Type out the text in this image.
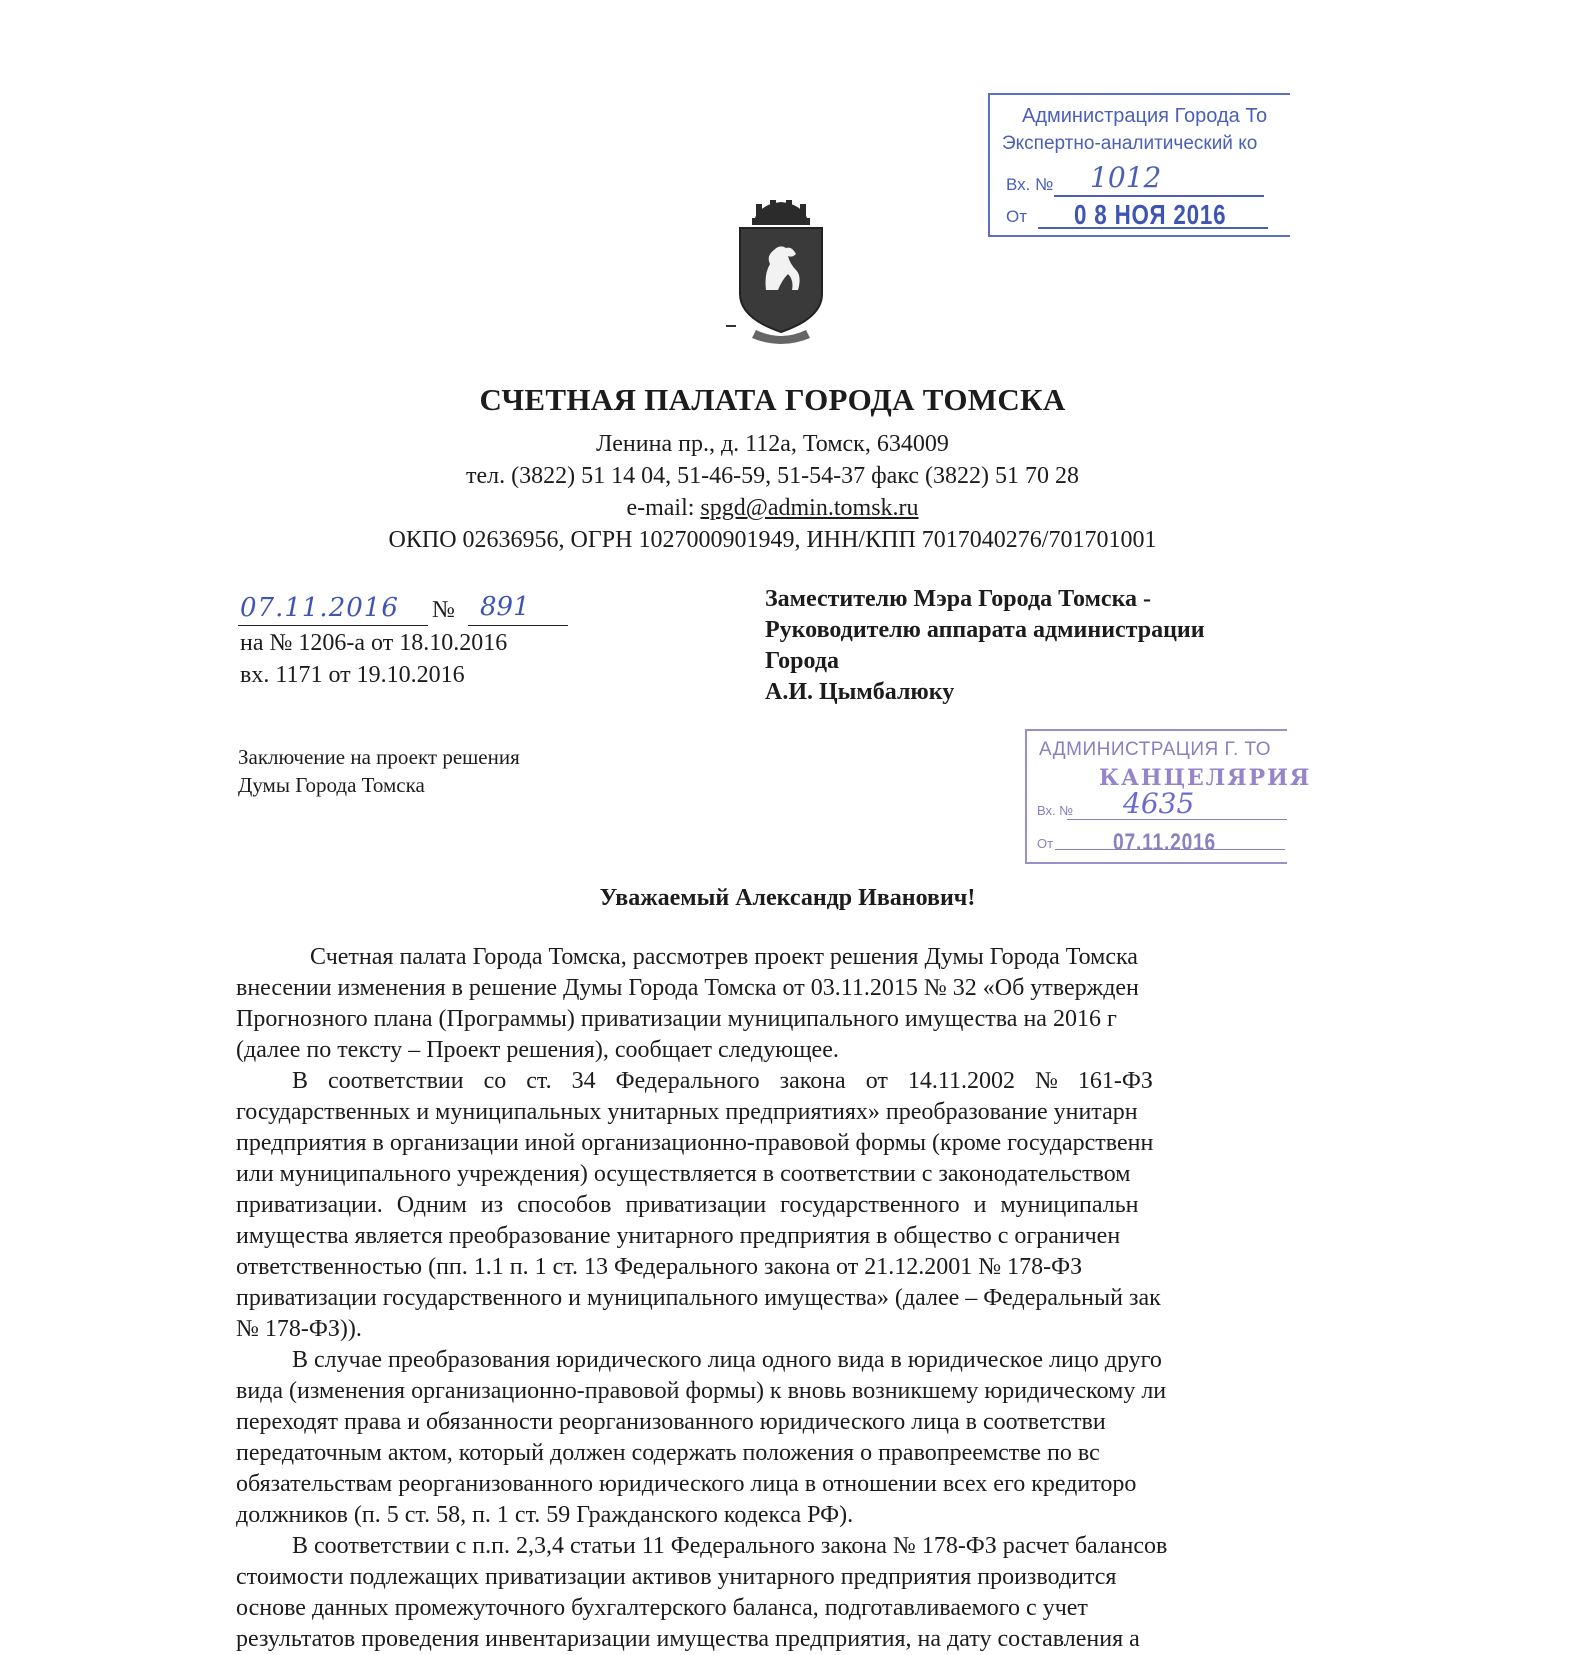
Администрация Города То
Экспертно-аналитический ко
Вх. № 1012
От 0 8 НОЯ 2016
СЧЕТНАЯ ПАЛАТА ГОРОДА ТОМСКА
Ленина пр., д. 112а, Томск, 634009
тел. (3822) 51 14 04, 51-46-59, 51-54-37 факс (3822) 51 70 28
e-mail: spgd@admin.tomsk.ru
ОКПО 02636956, ОГРН 1027000901949, ИНН/КПП 7017040276/701701001
07.11.2016 № 891
на № 1206-а от 18.10.2016
вх. 1171 от 19.10.2016
Заместителю Мэра Города Томска -
Руководителю аппарата администрации
Города
А.И. Цымбалюку
Заключение на проект решения
Думы Города Томска
АДМИНИСТРАЦИЯ Г. ТО
КАНЦЕЛЯРИЯ
Вх. № 4635
От 07.11.2016
Уважаемый Александр Иванович!

Счетная палата Города Томска, рассмотрев проект решения Думы Города Томска
внесении изменения в решение Думы Города Томска от 03.11.2015 № 32 «Об утвержден
Прогнозного плана (Программы) приватизации муниципального имущества на 2016 г
(далее по тексту – Проект решения), сообщает следующее.

В соответствии со ст. 34 Федерального закона от 14.11.2002 № 161-ФЗ
государственных и муниципальных унитарных предприятиях» преобразование унитарн
предприятия в организации иной организационно-правовой формы (кроме государственн
или муниципального учреждения) осуществляется в соответствии с законодательством
приватизации. Одним из способов приватизации государственного и муниципальн
имущества является преобразование унитарного предприятия в общество с ограничен
ответственностью (пп. 1.1 п. 1 ст. 13 Федерального закона от 21.12.2001 № 178-ФЗ
приватизации государственного и муниципального имущества» (далее – Федеральный зак
№ 178-ФЗ)).

В случае преобразования юридического лица одного вида в юридическое лицо друго
вида (изменения организационно-правовой формы) к вновь возникшему юридическому ли
переходят права и обязанности реорганизованного юридического лица в соответстви
передаточным актом, который должен содержать положения о правопреемстве по вс
обязательствам реорганизованного юридического лица в отношении всех его кредиторо
должников (п. 5 ст. 58, п. 1 ст. 59 Гражданского кодекса РФ).

В соответствии с п.п. 2,3,4 статьи 11 Федерального закона № 178-ФЗ расчет балансов
стоимости подлежащих приватизации активов унитарного предприятия производится
основе данных промежуточного бухгалтерского баланса, подготавливаемого с учет
результатов проведения инвентаризации имущества предприятия, на дату составления а
